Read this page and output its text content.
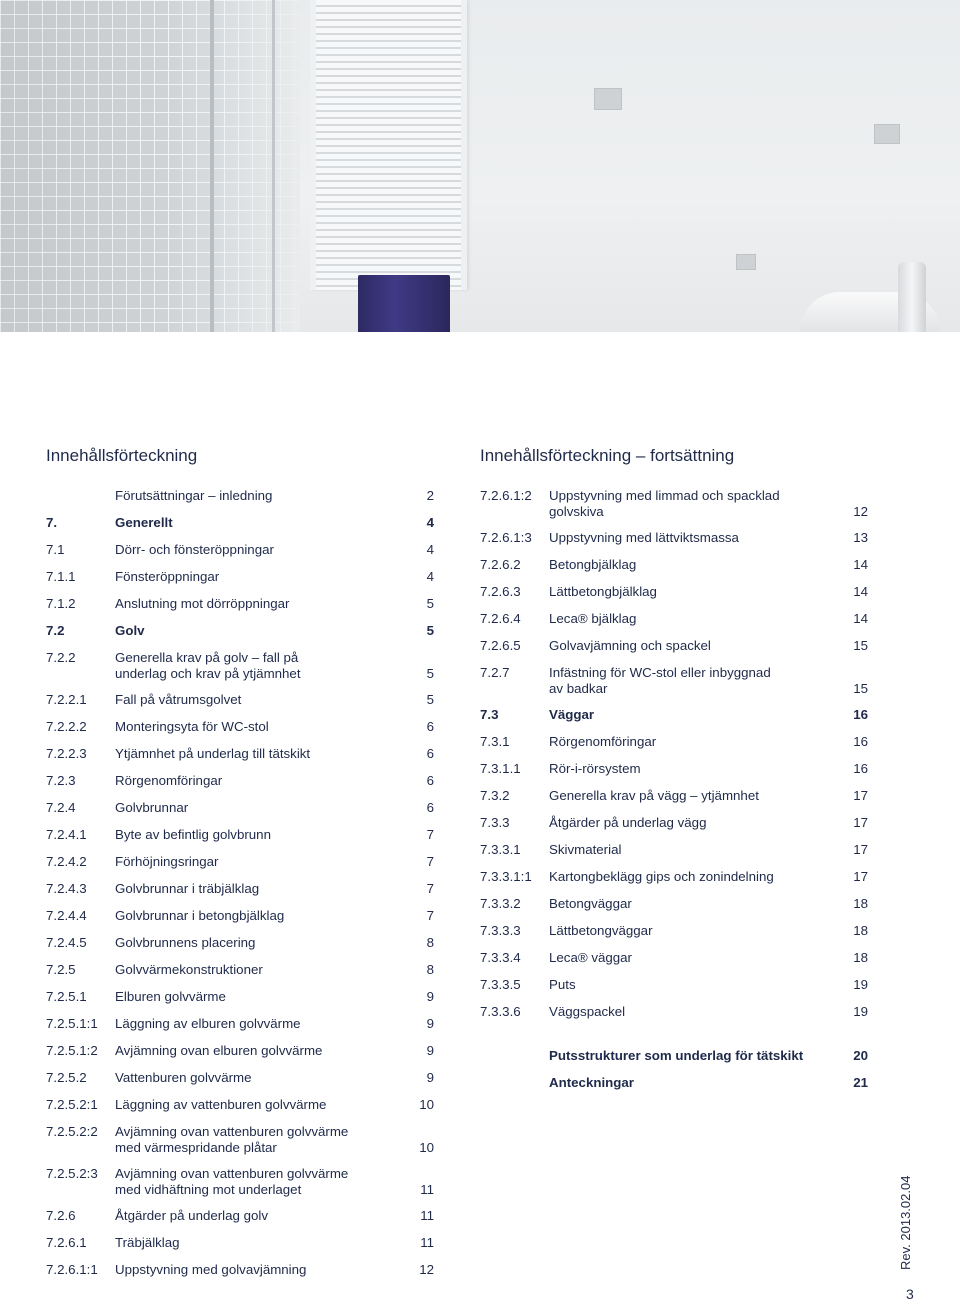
Innehållsförteckning	Innehållsförteckning – fortsättning
Förutsättningar – inledning	2
7.	Generellt	4
7.1	Dörr- och fönsteröppningar	4
7.1.1	Fönsteröppningar	4
7.1.2	Anslutning mot dörröppningar	5
7.2	Golv	5
7.2.2	Generella krav på golv – fall på
underlag och krav på ytjämnhet	5
7.2.2.1 Fall på våtrumsgolvet	5
7.2.2.2 Monteringsyta för WC-stol	6
7.2.2.3 Ytjämnhet på underlag till tätskikt	6
7.2.3	Rörgenomföringar	6
7.2.4	Golvbrunnar	6
7.2.4.1 Byte av befintlig golvbrunn	7
7.2.4.2 Förhöjningsringar	7
7.2.4.3 Golvbrunnar i träbjälklag	7
7.2.4.4 Golvbrunnar i betongbjälklag	7
7.2.4.5 Golvbrunnens placering	8
7.2.5	Golvvärmekonstruktioner	8
7.2.5.1 Elburen golvvärme	9
7.2.5.1:1 Läggning av elburen golvvärme	9
7.2.5.1:2 Avjämning ovan elburen golvvärme	9
7.2.5.2 Vattenburen golvvärme	9
7.2.5.2:1 Läggning av vattenburen golvvärme	10
7.2.5.2:2 Avjämning ovan vattenburen golvvärme
med värmespridande plåtar	10
7.2.5.2:3 Avjämning ovan vattenburen golvvärme
med vidhäftning mot underlaget	11
7.2.6	Åtgärder på underlag golv	11
7.2.6.1 Träbjälklag	11
7.2.6.1:1 Uppstyvning med golvavjämning	12
7.2.6.1:2 Uppstyvning med limmad och spacklad
golvskiva	12
7.2.6.1:3 Uppstyvning med lättviktsmassa	13
7.2.6.2 Betongbjälklag	14
7.2.6.3 Lättbetongbjälklag	14
7.2.6.4 Leca® bjälklag	14
7.2.6.5 Golvavjämning och spackel	15
7.2.7	Infästning för WC-stol eller inbyggnad
av badkar	15
7.3	Väggar	16
7.3.1	Rörgenomföringar	16
7.3.1.1 Rör-i-rörsystem	16
7.3.2	Generella krav på vägg – ytjämnhet	17
7.3.3	Åtgärder på underlag vägg	17
7.3.3.1 Skivmaterial	17
7.3.3.1:1 Kartongbeklägg gips och zonindelning	17
7.3.3.2 Betongväggar	18
7.3.3.3 Lättbetongväggar	18
7.3.3.4 Leca® väggar	18
7.3.3.5 Puts	19
7.3.3.6 Väggspackel	19
Putsstrukturer som underlag för tätskikt	20
Anteckningar	21
Rev. 2013.02.04
3
